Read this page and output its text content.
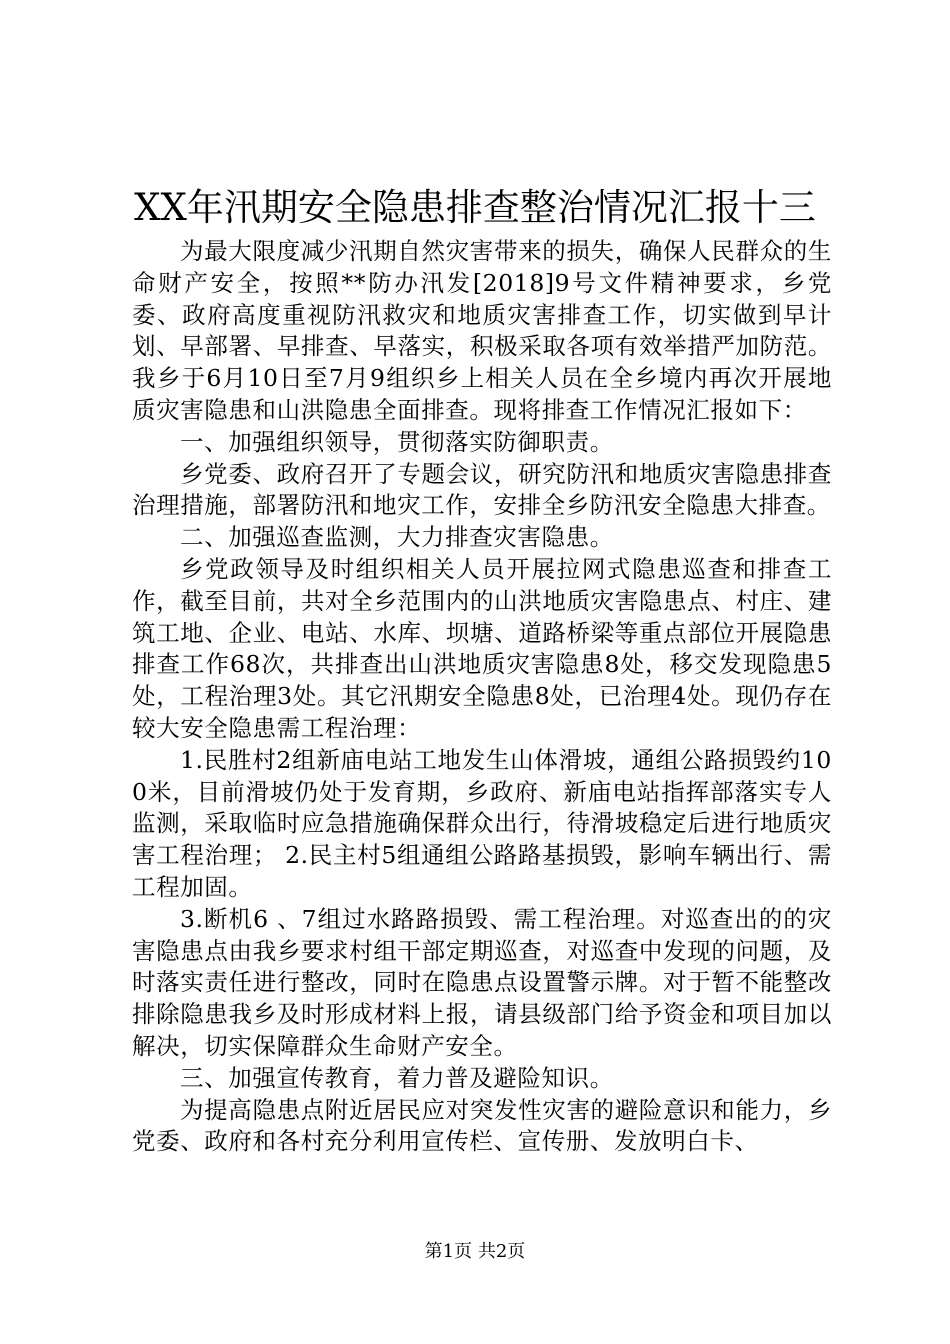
XX年汛期安全隐患排查整治情况汇报十三

为最大限度减少汛期自然灾害带来的损失，确保人民群众的生命财产安全，按照**防办汛发[2018]9号文件精神要求，乡党委、政府高度重视防汛救灾和地质灾害排查工作，切实做到早计划、早部署、早排查、早落实，积极采取各项有效举措严加防范。我乡于6月10日至7月9组织乡上相关人员在全乡境内再次开展地质灾害隐患和山洪隐患全面排查。现将排查工作情况汇报如下：

一、加强组织领导，贯彻落实防御职责。

乡党委、政府召开了专题会议，研究防汛和地质灾害隐患排查治理措施，部署防汛和地灾工作，安排全乡防汛安全隐患大排查。

二、加强巡查监测，大力排查灾害隐患。

乡党政领导及时组织相关人员开展拉网式隐患巡查和排查工作，截至目前，共对全乡范围内的山洪地质灾害隐患点、村庄、建筑工地、企业、电站、水库、坝塘、道路桥梁等重点部位开展隐患排查工作68次，共排查出山洪地质灾害隐患8处，移交发现隐患5处，工程治理3处。其它汛期安全隐患8处，已治理4处。现仍存在较大安全隐患需工程治理：

1.民胜村2组新庙电站工地发生山体滑坡，通组公路损毁约100米，目前滑坡仍处于发育期，乡政府、新庙电站指挥部落实专人监测，采取临时应急措施确保群众出行，待滑坡稳定后进行地质灾害工程治理； 2.民主村5组通组公路路基损毁，影响车辆出行、需工程加固。

3.断机6 、7组过水路路损毁、需工程治理。对巡查出的的灾害隐患点由我乡要求村组干部定期巡查，对巡查中发现的问题，及时落实责任进行整改，同时在隐患点设置警示牌。对于暂不能整改排除隐患我乡及时形成材料上报，请县级部门给予资金和项目加以解决，切实保障群众生命财产安全。

三、加强宣传教育，着力普及避险知识。

为提高隐患点附近居民应对突发性灾害的避险意识和能力，乡党委、政府和各村充分利用宣传栏、宣传册、发放明白卡、

第1页 共2页
